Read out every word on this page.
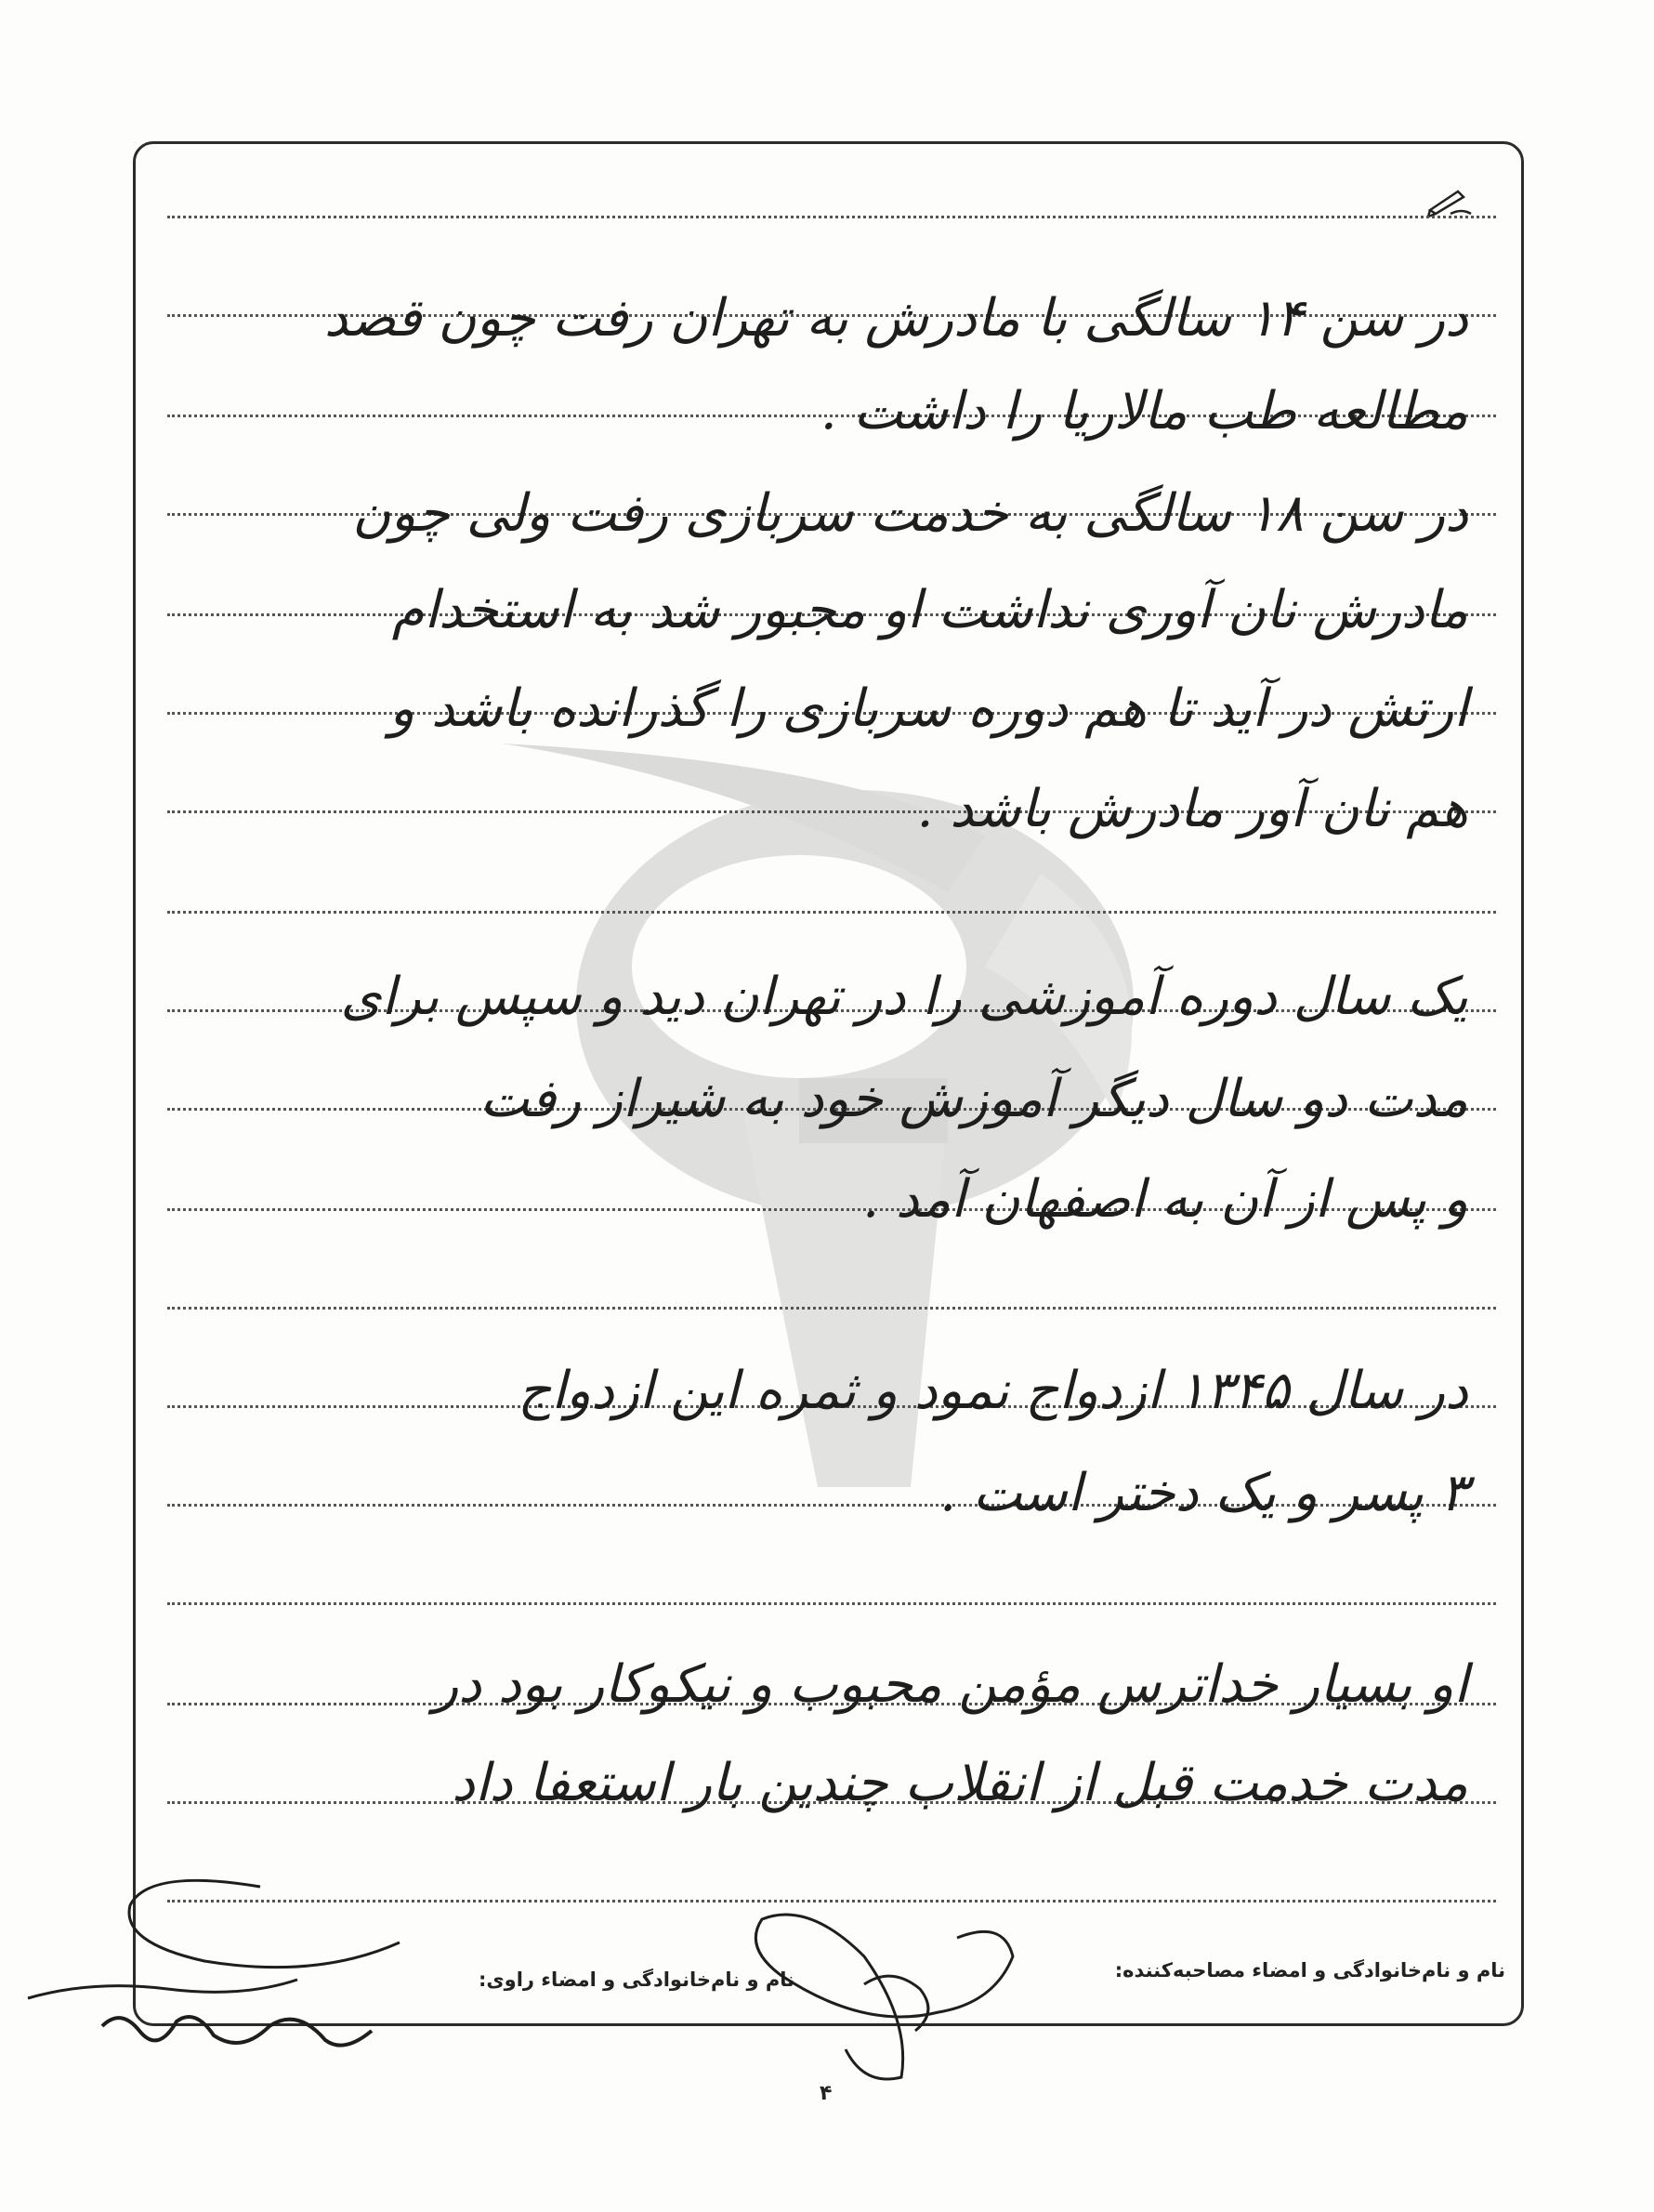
در سن ۱۴ سالگی با مادرش به تهران رفت چون قصد
مطالعه طب مالاریا را داشت .
در سن ۱۸ سالگی به خدمت سربازی رفت ولی چون
مادرش نان آوری نداشت او مجبور شد به استخدام
ارتش در آید تا هم دوره سربازی را گذرانده باشد و
هم نان آور مادرش باشد .
یک سال دوره آموزشی را در تهران دید و سپس برای
مدت دو سال دیگر آموزش خود به شیراز رفت
و پس از آن به اصفهان آمد .
در سال ۱۳۴۵ ازدواج نمود و ثمره این ازدواج
۳ پسر و یک دختر است .
او بسیار خداترس مؤمن محبوب و نیکوکار بود در
مدت خدمت قبل از انقلاب چندین بار استعفا داد
نام و نام‌خانوادگی و امضاء مصاحبه‌کننده:
نام و نام‌خانوادگی و امضاء راوی:
۴
